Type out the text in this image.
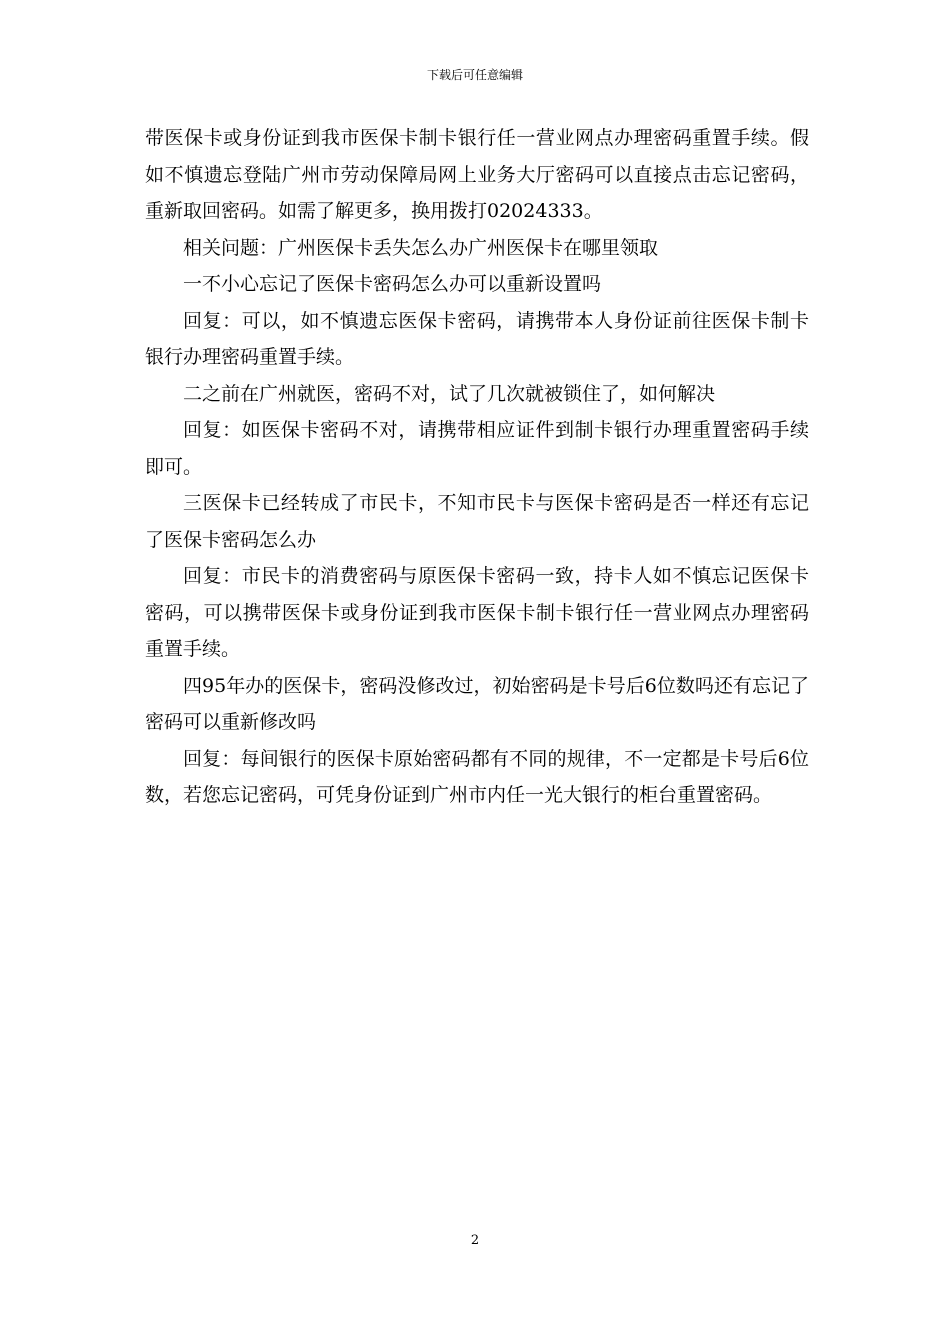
下载后可任意编辑

带医保卡或身份证到我市医保卡制卡银行任一营业网点办理密码重置手续。假如不慎遗忘登陆广州市劳动保障局网上业务大厅密码可以直接点击忘记密码，重新取回密码。如需了解更多，换用拨打02024333。

相关问题：广州医保卡丢失怎么办广州医保卡在哪里领取

一不小心忘记了医保卡密码怎么办可以重新设置吗

回复：可以，如不慎遗忘医保卡密码，请携带本人身份证前往医保卡制卡银行办理密码重置手续。

二之前在广州就医，密码不对，试了几次就被锁住了，如何解决

回复：如医保卡密码不对，请携带相应证件到制卡银行办理重置密码手续即可。

三医保卡已经转成了市民卡，不知市民卡与医保卡密码是否一样还有忘记了医保卡密码怎么办

回复：市民卡的消费密码与原医保卡密码一致，持卡人如不慎忘记医保卡密码，可以携带医保卡或身份证到我市医保卡制卡银行任一营业网点办理密码重置手续。

四95年办的医保卡，密码没修改过，初始密码是卡号后6位数吗还有忘记了密码可以重新修改吗

回复：每间银行的医保卡原始密码都有不同的规律，不一定都是卡号后6位数，若您忘记密码，可凭身份证到广州市内任一光大银行的柜台重置密码。

2
